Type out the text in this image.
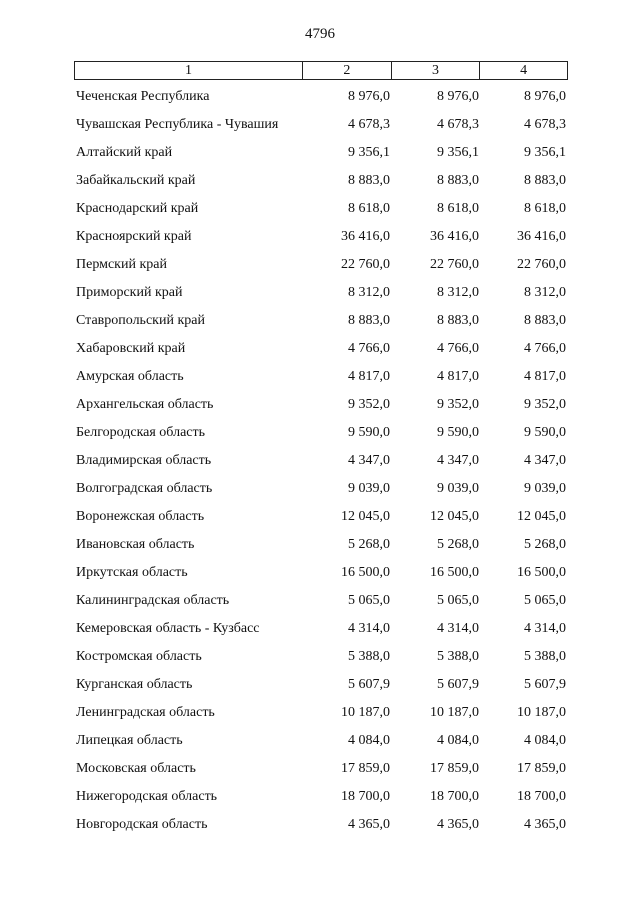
4796
1	2	3	4
Чеченская Республика	8 976,0	8 976,0	8 976,0
Чувашская Республика - Чувашия	4 678,3	4 678,3	4 678,3
Алтайский край	9 356,1	9 356,1	9 356,1
Забайкальский край	8 883,0	8 883,0	8 883,0
Краснодарский край	8 618,0	8 618,0	8 618,0
Красноярский край	36 416,0	36 416,0	36 416,0
Пермский край	22 760,0	22 760,0	22 760,0
Приморский край	8 312,0	8 312,0	8 312,0
Ставропольский край	8 883,0	8 883,0	8 883,0
Хабаровский край	4 766,0	4 766,0	4 766,0
Амурская область	4 817,0	4 817,0	4 817,0
Архангельская область	9 352,0	9 352,0	9 352,0
Белгородская область	9 590,0	9 590,0	9 590,0
Владимирская область	4 347,0	4 347,0	4 347,0
Волгоградская область	9 039,0	9 039,0	9 039,0
Воронежская область	12 045,0	12 045,0	12 045,0
Ивановская область	5 268,0	5 268,0	5 268,0
Иркутская область	16 500,0	16 500,0	16 500,0
Калининградская область	5 065,0	5 065,0	5 065,0
Кемеровская область - Кузбасс	4 314,0	4 314,0	4 314,0
Костромская область	5 388,0	5 388,0	5 388,0
Курганская область	5 607,9	5 607,9	5 607,9
Ленинградская область	10 187,0	10 187,0	10 187,0
Липецкая область	4 084,0	4 084,0	4 084,0
Московская область	17 859,0	17 859,0	17 859,0
Нижегородская область	18 700,0	18 700,0	18 700,0
Новгородская область	4 365,0	4 365,0	4 365,0
